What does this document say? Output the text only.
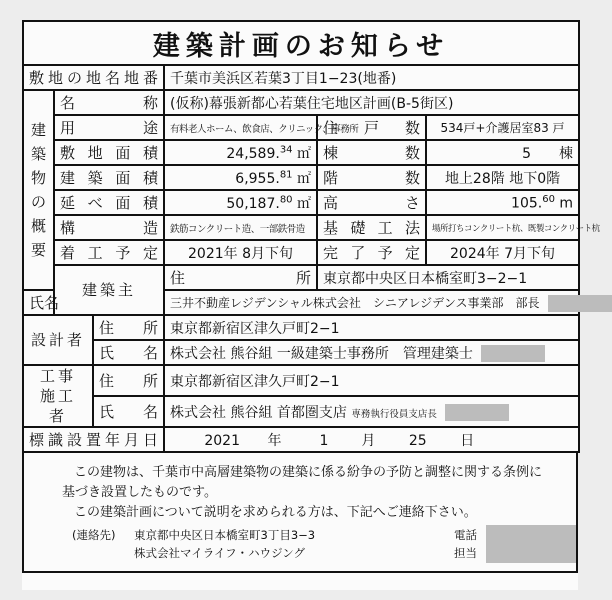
建築計画のお知らせ
敷地の地名地番	千葉市美浜区若葉3丁目1−23(地番)
建築物の概要	名称	(仮称)幕張新都心若葉住宅地区計画(B-5街区)
用途	有料老人ホーム、飲食店、クリニック、事務所	住戸数	534戸+介護居室83 戸
敷地面積	24,589.34 ㎡	棟数	5　　棟
建築面積	6,955.81 ㎡	階数	地上28階 地下0階
延べ面積	50,187.80 ㎡	高さ	105.60 m
構造	鉄筋コンクリート造、一部鉄骨造	基礎工法	場所打ちコンクリート杭、既製コンクリート杭
着工予定	2021年 8月下旬	完了予定	2024年 7月下旬
建築主	住所	東京都中央区日本橋室町3−2−1
氏名	三井不動産レジデンシャル株式会社　シニアレジデンス事業部　部長
設計者	住所	東京都新宿区津久戸町2−1
氏名	株式会社 熊谷組 一級建築士事務所　管理建築士
工事施工者	住所	東京都新宿区津久戸町2−1
氏名	株式会社 熊谷組 首都圏支店 専務執行役員支店長
標識設置年月日	2021 年	1 月 25 日

この建物は、千葉市中高層建築物の建築に係る紛争の予防と調整に関する条例に

基づき設置したものです。

この建築計画について説明を求められる方は、下記へご連絡下さい。

(連絡先) 東京都中央区日本橋室町3丁目3−3

株式会社マイライフ・ハウジング

電話

担当
